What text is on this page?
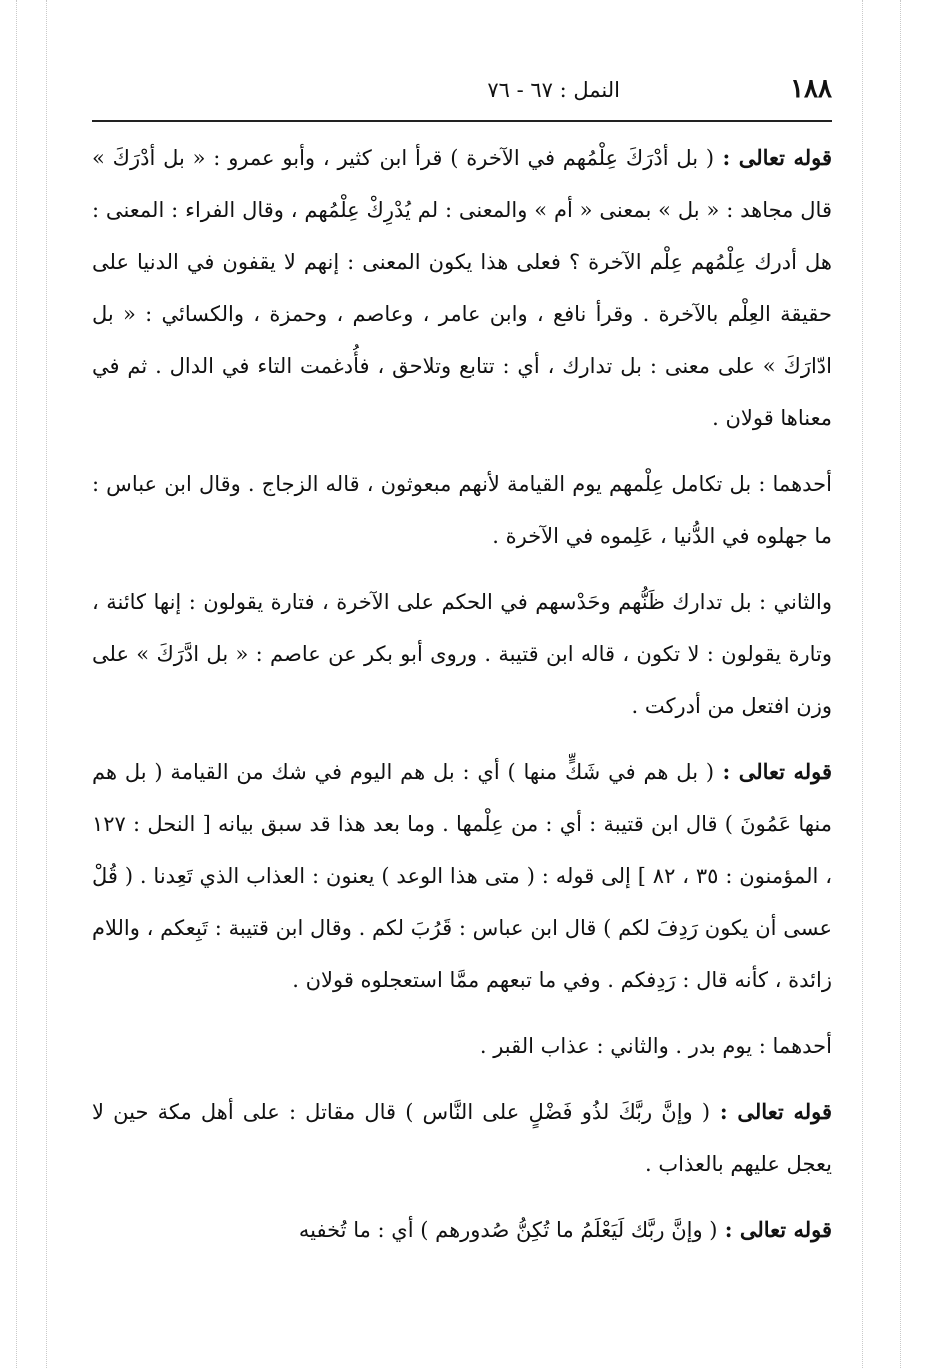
١٨٨
النمل : ٦٧ - ٧٦

قوله تعالى : ( بل أدْرَكَ عِلْمُهم في الآخرة ) قرأ ابن كثير ، وأبو عمرو : « بل أدْرَكَ » قال مجاهد : « بل » بمعنى « أم » والمعنى : لم يُدْرِكْ عِلْمُهم ، وقال الفراء : المعنى : هل أدرك عِلْمُهم عِلْم الآخرة ؟ فعلى هذا يكون المعنى : إنهم لا يقفون في الدنيا على حقيقة العِلْم بالآخرة . وقرأ نافع ، وابن عامر ، وعاصم ، وحمزة ، والكسائي : « بل ادّارَكَ » على معنى : بل تدارك ، أي : تتابع وتلاحق ، فأُدغمت التاء في الدال . ثم في معناها قولان .

أحدهما : بل تكامل عِلْمهم يوم القيامة لأنهم مبعوثون ، قاله الزجاج . وقال ابن عباس : ما جهلوه في الدُّنيا ، عَلِموه في الآخرة .

والثاني : بل تدارك ظَنُّهم وحَدْسهم في الحكم على الآخرة ، فتارة يقولون : إنها كائنة ، وتارة يقولون : لا تكون ، قاله ابن قتيبة . وروى أبو بكر عن عاصم : « بل ادَّرَكَ » على وزن افتعل من أدركت .

قوله تعالى : ( بل هم في شَكٍّ منها ) أي : بل هم اليوم في شك من القيامة ( بل هم منها عَمُونَ ) قال ابن قتيبة : أي : من عِلْمها . وما بعد هذا قد سبق بيانه [ النحل : ١٢٧ ، المؤمنون : ٣٥ ، ٨٢ ] إلى قوله : ( متى هذا الوعد ) يعنون : العذاب الذي تَعِدنا . ( قُلْ عسى أن يكون رَدِفَ لكم ) قال ابن عباس : قَرُبَ لكم . وقال ابن قتيبة : تَبِعكم ، واللام زائدة ، كأنه قال : رَدِفكم . وفي ما تبعهم ممَّا استعجلوه قولان .

أحدهما : يوم بدر . والثاني : عذاب القبر .

قوله تعالى : ( وإنَّ ربَّكَ لذُو فَضْلٍ على النَّاس ) قال مقاتل : على أهل مكة حين لا يعجل عليهم بالعذاب .

قوله تعالى : ( وإنَّ ربَّك لَيَعْلَمُ ما تُكِنُّ صُدورهم ) أي : ما تُخفيه
